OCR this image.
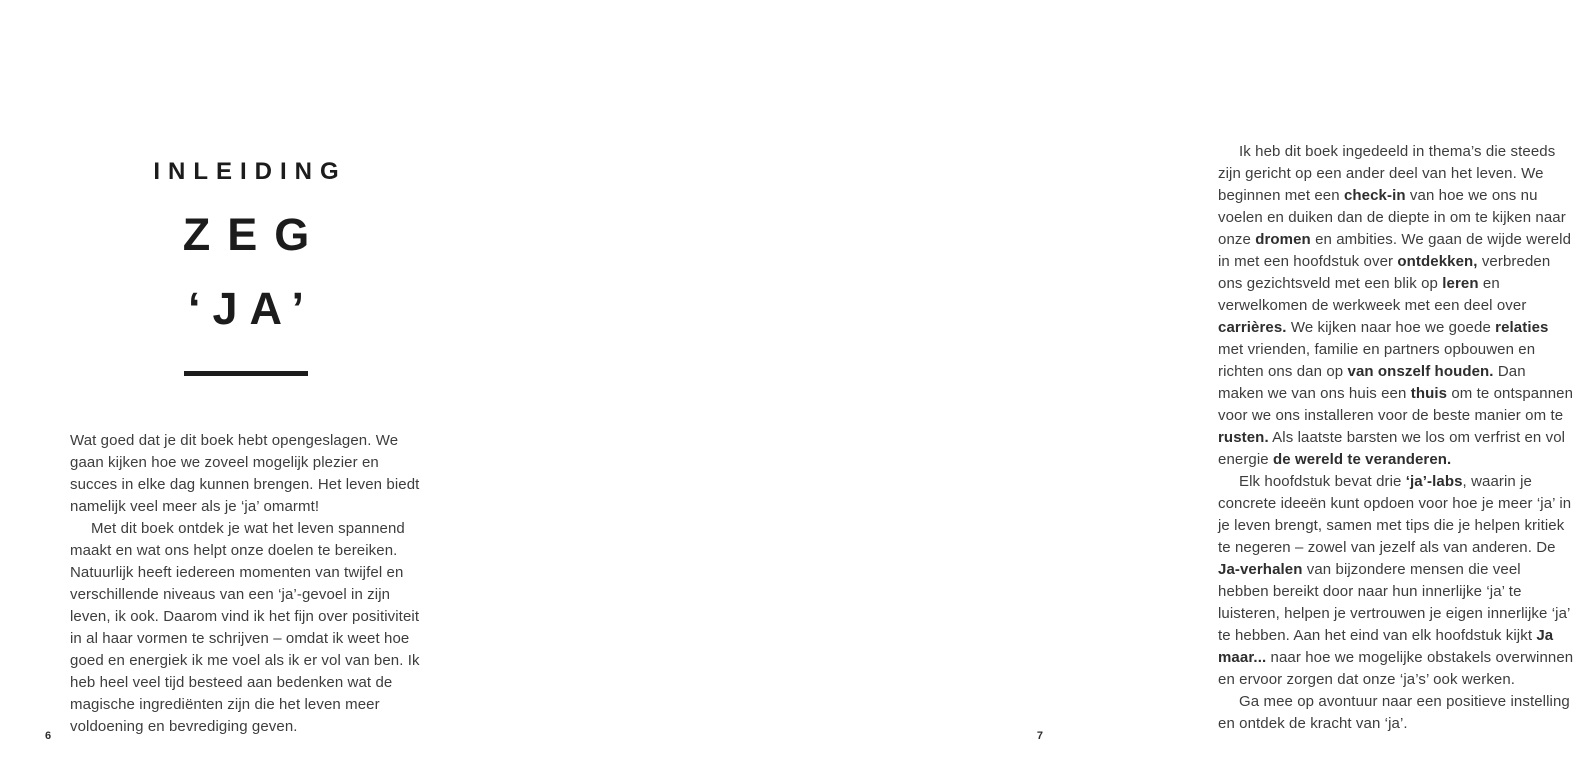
INLEIDING
ZEG
‘JA’

Wat goed dat je dit boek hebt opengeslagen. We gaan kijken hoe we zoveel mogelijk plezier en succes in elke dag kunnen brengen. Het leven biedt namelijk veel meer als je ‘ja’ omarmt!

Met dit boek ontdek je wat het leven spannend maakt en wat ons helpt onze doelen te bereiken. Natuurlijk heeft iedereen momenten van twijfel en verschillende niveaus van een ‘ja’-gevoel in zijn leven, ik ook. Daarom vind ik het fijn over positiviteit in al haar vormen te schrijven – omdat ik weet hoe goed en energiek ik me voel als ik er vol van ben. Ik heb heel veel tijd besteed aan bedenken wat de magische ingrediënten zijn die het leven meer voldoening en bevrediging geven.

6

Ik heb dit boek ingedeeld in thema’s die steeds zijn gericht op een ander deel van het leven. We beginnen met een check-in van hoe we ons nu voelen en duiken dan de diepte in om te kijken naar onze dromen en ambities. We gaan de wijde wereld in met een hoofdstuk over ontdekken, verbreden ons gezichtsveld met een blik op leren en verwelkomen de werkweek met een deel over carrières. We kijken naar hoe we goede relaties met vrienden, familie en partners opbouwen en richten ons dan op van onszelf houden. Dan maken we van ons huis een thuis om te ontspannen voor we ons installeren voor de beste manier om te rusten. Als laatste barsten we los om verfrist en vol energie de wereld te veranderen.

Elk hoofdstuk bevat drie ‘ja’-labs, waarin je concrete ideeën kunt opdoen voor hoe je meer ‘ja’ in je leven brengt, samen met tips die je helpen kritiek te negeren – zowel van jezelf als van anderen. De Ja-verhalen van bijzondere mensen die veel hebben bereikt door naar hun innerlijke ‘ja’ te luisteren, helpen je vertrouwen je eigen innerlijke ‘ja’ te hebben. Aan het eind van elk hoofdstuk kijkt Ja maar... naar hoe we mogelijke obstakels overwinnen en ervoor zorgen dat onze ‘ja’s’ ook werken.

Ga mee op avontuur naar een positieve instelling en ontdek de kracht van ‘ja’.

7
